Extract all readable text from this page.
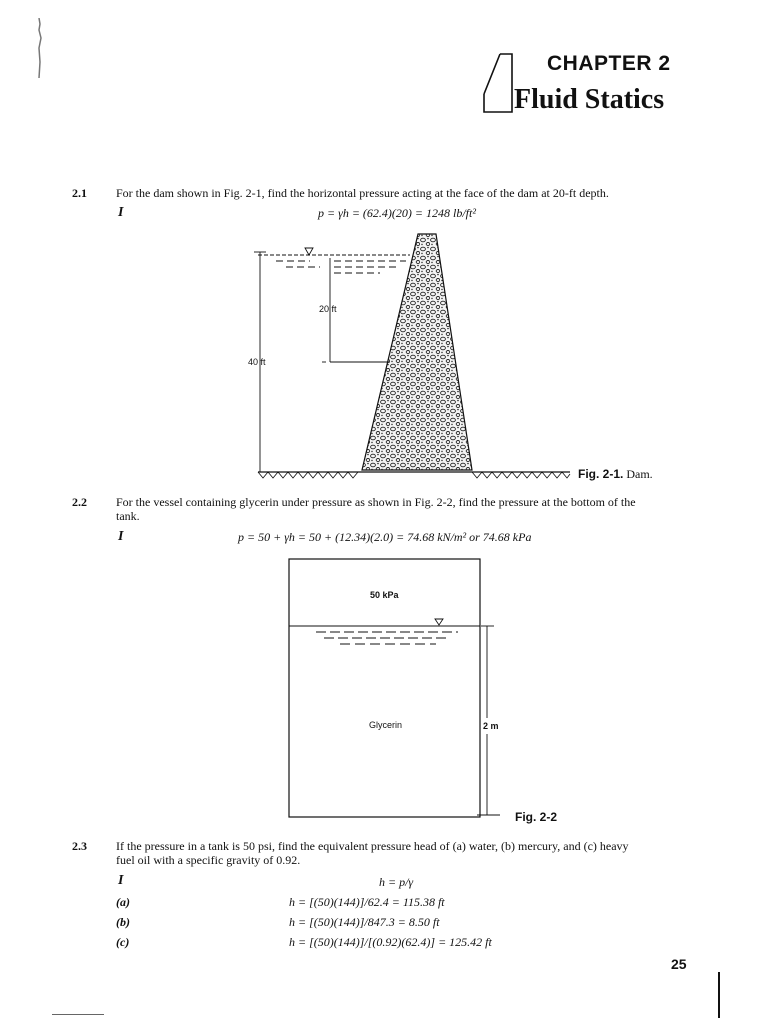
CHAPTER 2
Fluid Statics
2.1 For the dam shown in Fig. 2-1, find the horizontal pressure acting at the face of the dam at 20-ft depth.
I	p = γh = (62.4)(20) = 1248 lb/ft²
20 ft
40 ft
Fig. 2-1. Dam.
2.2 For the vessel containing glycerin under pressure as shown in Fig. 2-2, find the pressure at the bottom of the
tank.
I	p = 50 + γh = 50 + (12.34)(2.0) = 74.68 kN/m² or 74.68 kPa
50 kPa
Glycerin	2 m
Fig. 2-2
2.3 If the pressure in a tank is 50 psi, find the equivalent pressure head of (a) water, (b) mercury, and (c) heavy
fuel oil with a specific gravity of 0.92.
I	h = p/γ
(a)	h = [(50)(144)]/62.4 = 115.38 ft
(b)	h = [(50)(144)]/847.3 = 8.50 ft
(c)	h = [(50)(144)]/[(0.92)(62.4)] = 125.42 ft
25
